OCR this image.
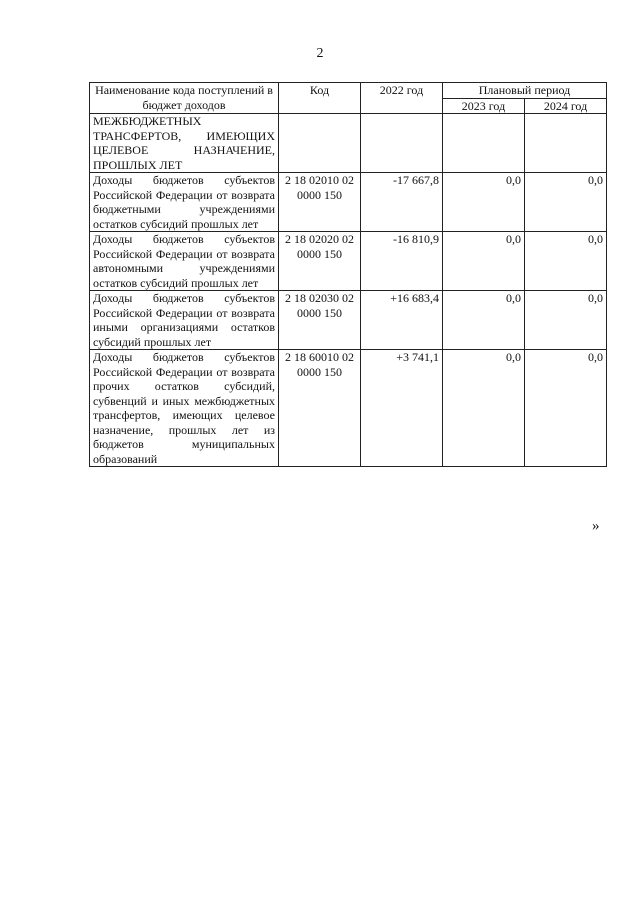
2
Наименование кода поступлений в бюджет доходов	Код	2022 год	Плановый период	
			2023 год	2024 год
МЕЖБЮДЖЕТНЫХ ТРАНСФЕРТОВ, ИМЕЮЩИХ ЦЕЛЕВОЕ НАЗНАЧЕНИЕ, ПРОШЛЫХ ЛЕТ				
Доходы бюджетов субъектов Российской Федерации от возврата бюджетными учреждениями остатков субсидий прошлых лет	2 18 02010 02 0000 150	-17 667,8	0,0	0,0
Доходы бюджетов субъектов Российской Федерации от возврата автономными учреждениями остатков субсидий прошлых лет	2 18 02020 02 0000 150	-16 810,9	0,0	0,0
Доходы бюджетов субъектов Российской Федерации от возврата иными организациями остатков субсидий прошлых лет	2 18 02030 02 0000 150	+16 683,4	0,0	0,0
Доходы бюджетов субъектов Российской Федерации от возврата прочих остатков субсидий, субвенций и иных межбюджетных трансфертов, имеющих целевое назначение, прошлых лет из бюджетов муниципальных образований	2 18 60010 02 0000 150	+3 741,1	0,0	0,0
»
